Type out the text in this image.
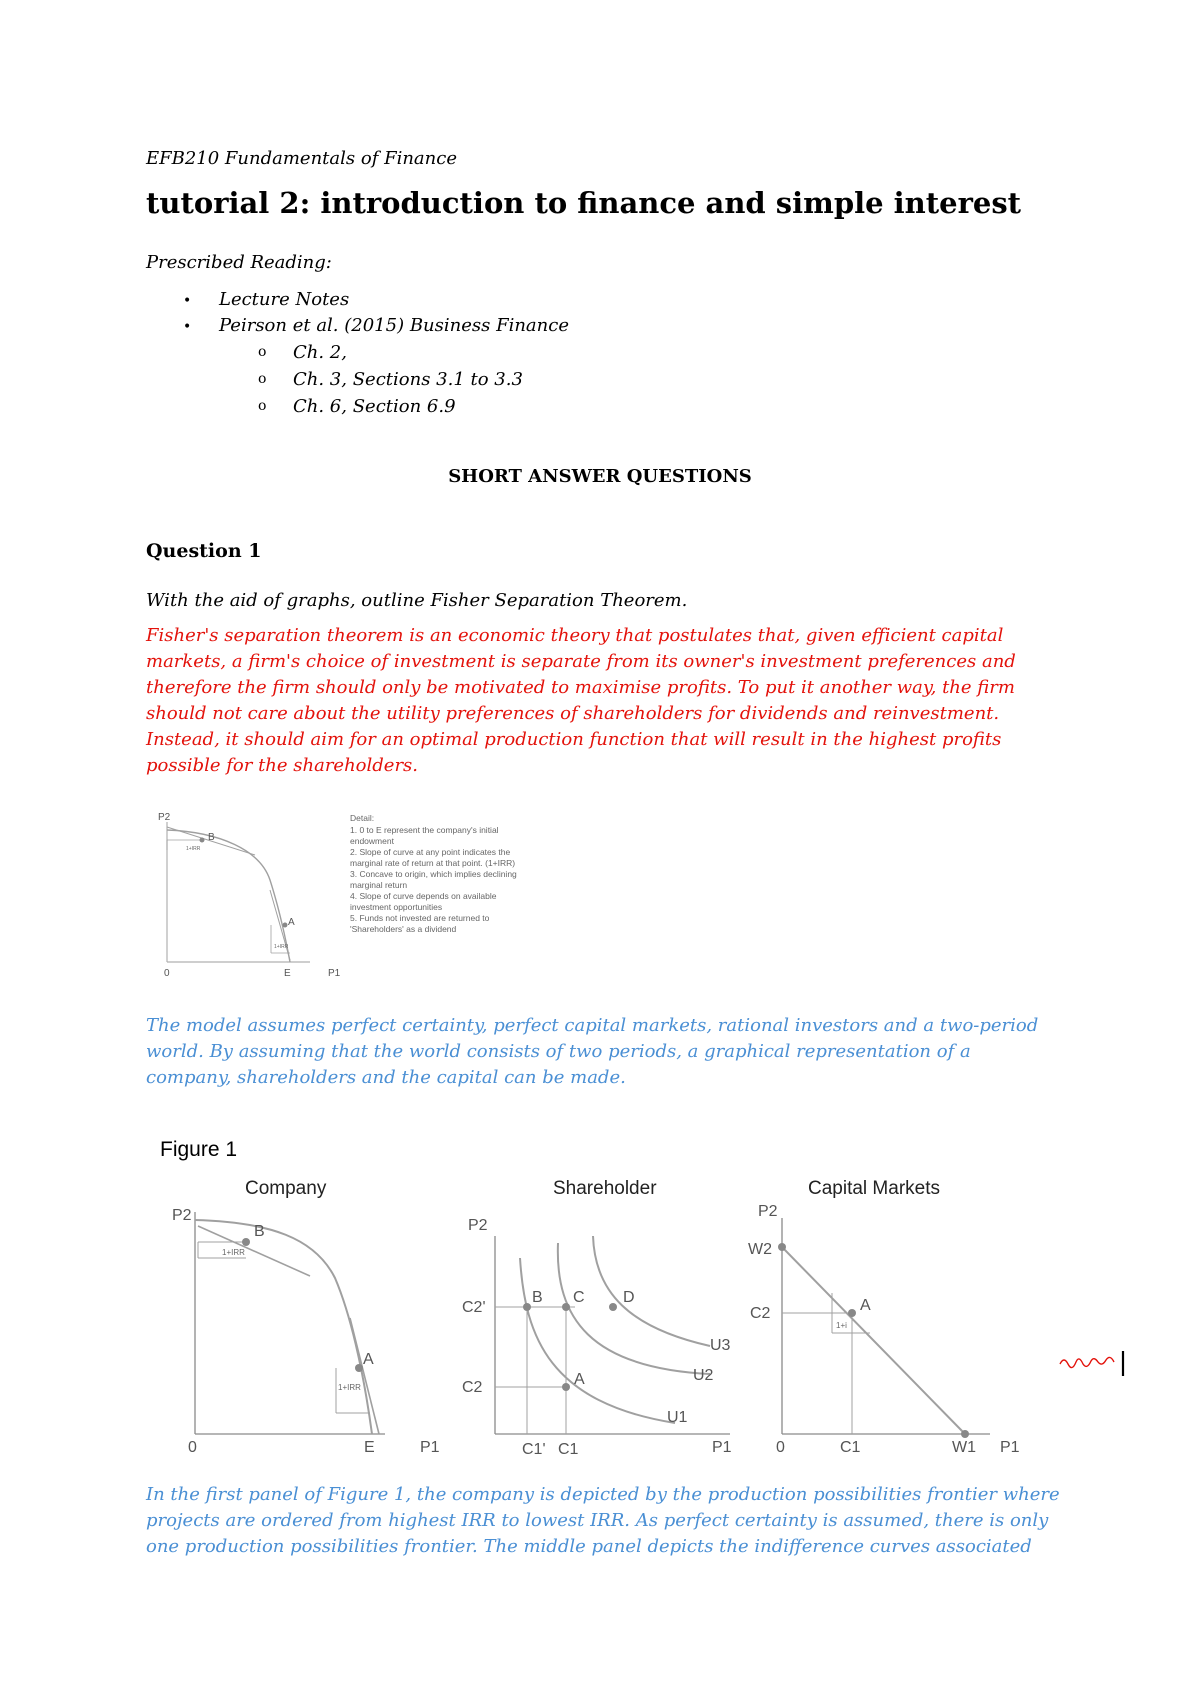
EFB210 Fundamentals of Finance
tutorial 2: introduction to finance and simple interest
Prescribed Reading:
• Lecture Notes
• Peirson et al. (2015) Business Finance
o Ch. 2,
o Ch. 3, Sections 3.1 to 3.3
o Ch. 6, Section 6.9
SHORT ANSWER QUESTIONS
Question 1
With the aid of graphs, outline Fisher Separation Theorem.
Fisher's separation theorem is an economic theory that postulates that, given efficient capital
markets, a firm's choice of investment is separate from its owner's investment preferences and
therefore the firm should only be motivated to maximise profits. To put it another way, the firm
should not care about the utility preferences of shareholders for dividends and reinvestment.
Instead, it should aim for an optimal production function that will result in the highest profits
possible for the shareholders.
P2
B
1+IRR
A
1+IRR
0	E	P1
Detail:
1. 0 to E represent the company's initial
endowment
2. Slope of curve at any point indicates the
marginal rate of return at that point. (1+IRR)
3. Concave to origin, which implies declining
marginal return
4. Slope of curve depends on available
investment opportunities
5. Funds not invested are returned to
'Shareholders' as a dividend
The model assumes perfect certainty, perfect capital markets, rational investors and a two-period
world. By assuming that the world consists of two periods, a graphical representation of a
company, shareholders and the capital can be made.
Figure 1
Company
P2
B
1+IRR
A
1+IRR
0	E	P1
Shareholder
P2
C2'
C2
B C D
A
U3
U2
U1
C1' C1	P1
Capital Markets
P2
W2
C2	A
1+i
0	C1	W1 P1
In the first panel of Figure 1, the company is depicted by the production possibilities frontier where
projects are ordered from highest IRR to lowest IRR. As perfect certainty is assumed, there is only
one production possibilities frontier. The middle panel depicts the indifference curves associated
